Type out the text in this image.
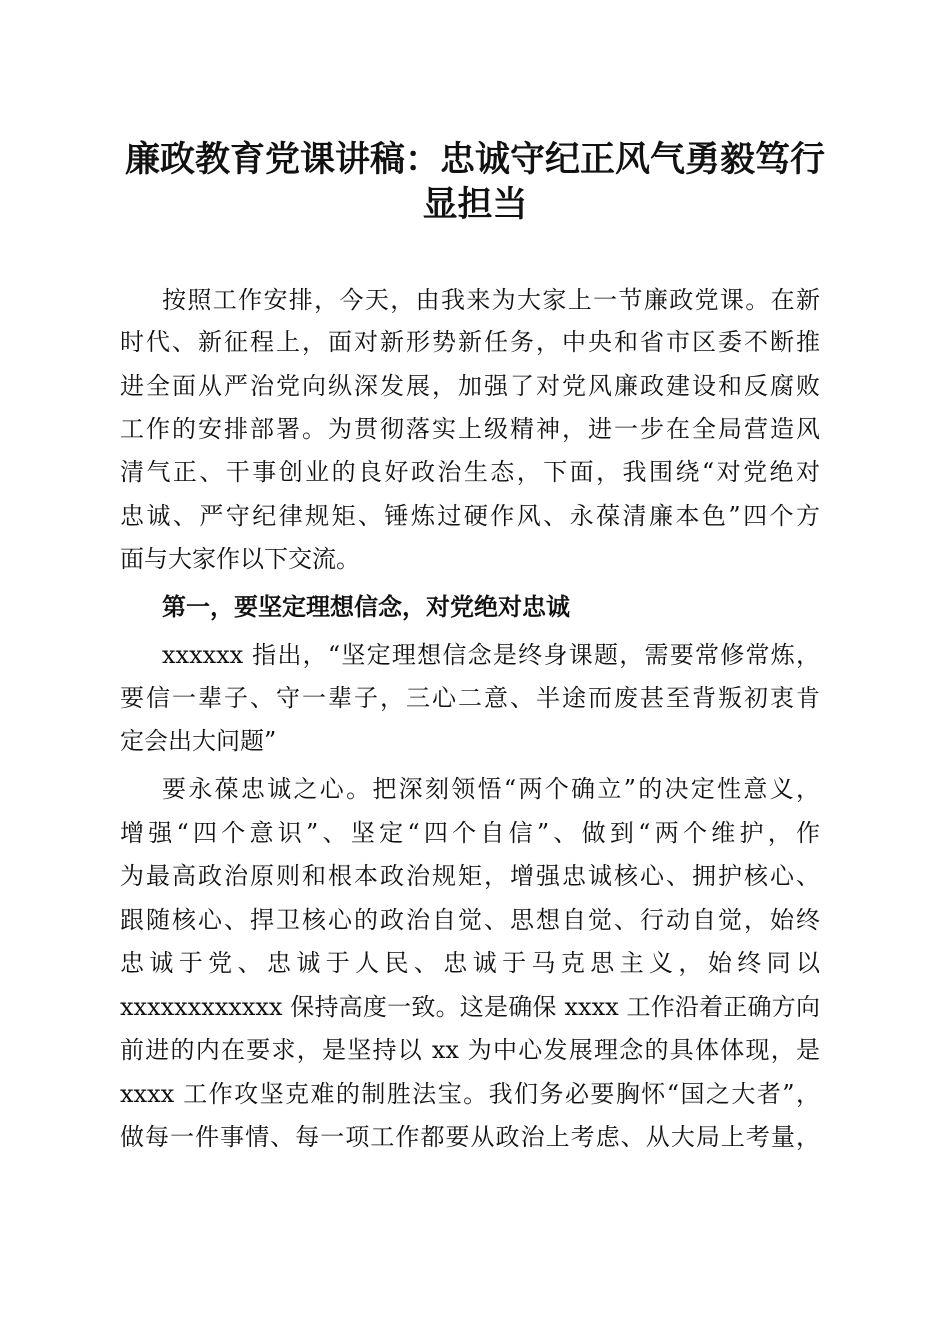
廉政教育党课讲稿：忠诚守纪正风气勇毅笃行
显担当
按照工作安排，今天，由我来为大家上一节廉政党课。在新
时代、新征程上，面对新形势新任务，中央和省市区委不断推
进全面从严治党向纵深发展，加强了对党风廉政建设和反腐败
工作的安排部署。为贯彻落实上级精神，进一步在全局营造风
清气正、干事创业的良好政治生态，下面，我围绕“对党绝对
忠诚、严守纪律规矩、锤炼过硬作风、永葆清廉本色”四个方
面与大家作以下交流。
第一，要坚定理想信念，对党绝对忠诚
xxxxxx 指出，“坚定理想信念是终身课题，需要常修常炼，
要信一辈子、守一辈子，三心二意、半途而废甚至背叛初衷肯
定会出大问题”
要永葆忠诚之心。把深刻领悟“两个确立”的决定性意义，
增强“四个意识”、坚定“四个自信”、做到“两个维护，作
为最高政治原则和根本政治规矩，增强忠诚核心、拥护核心、
跟随核心、捍卫核心的政治自觉、思想自觉、行动自觉，始终
忠诚于党、忠诚于人民、忠诚于马克思主义，始终同以
xxxxxxxxxxxx 保持高度一致。这是确保 xxxx 工作沿着正确方向
前进的内在要求，是坚持以 xx 为中心发展理念的具体体现，是
xxxx 工作攻坚克难的制胜法宝。我们务必要胸怀“国之大者”，
做每一件事情、每一项工作都要从政治上考虑、从大局上考量，
